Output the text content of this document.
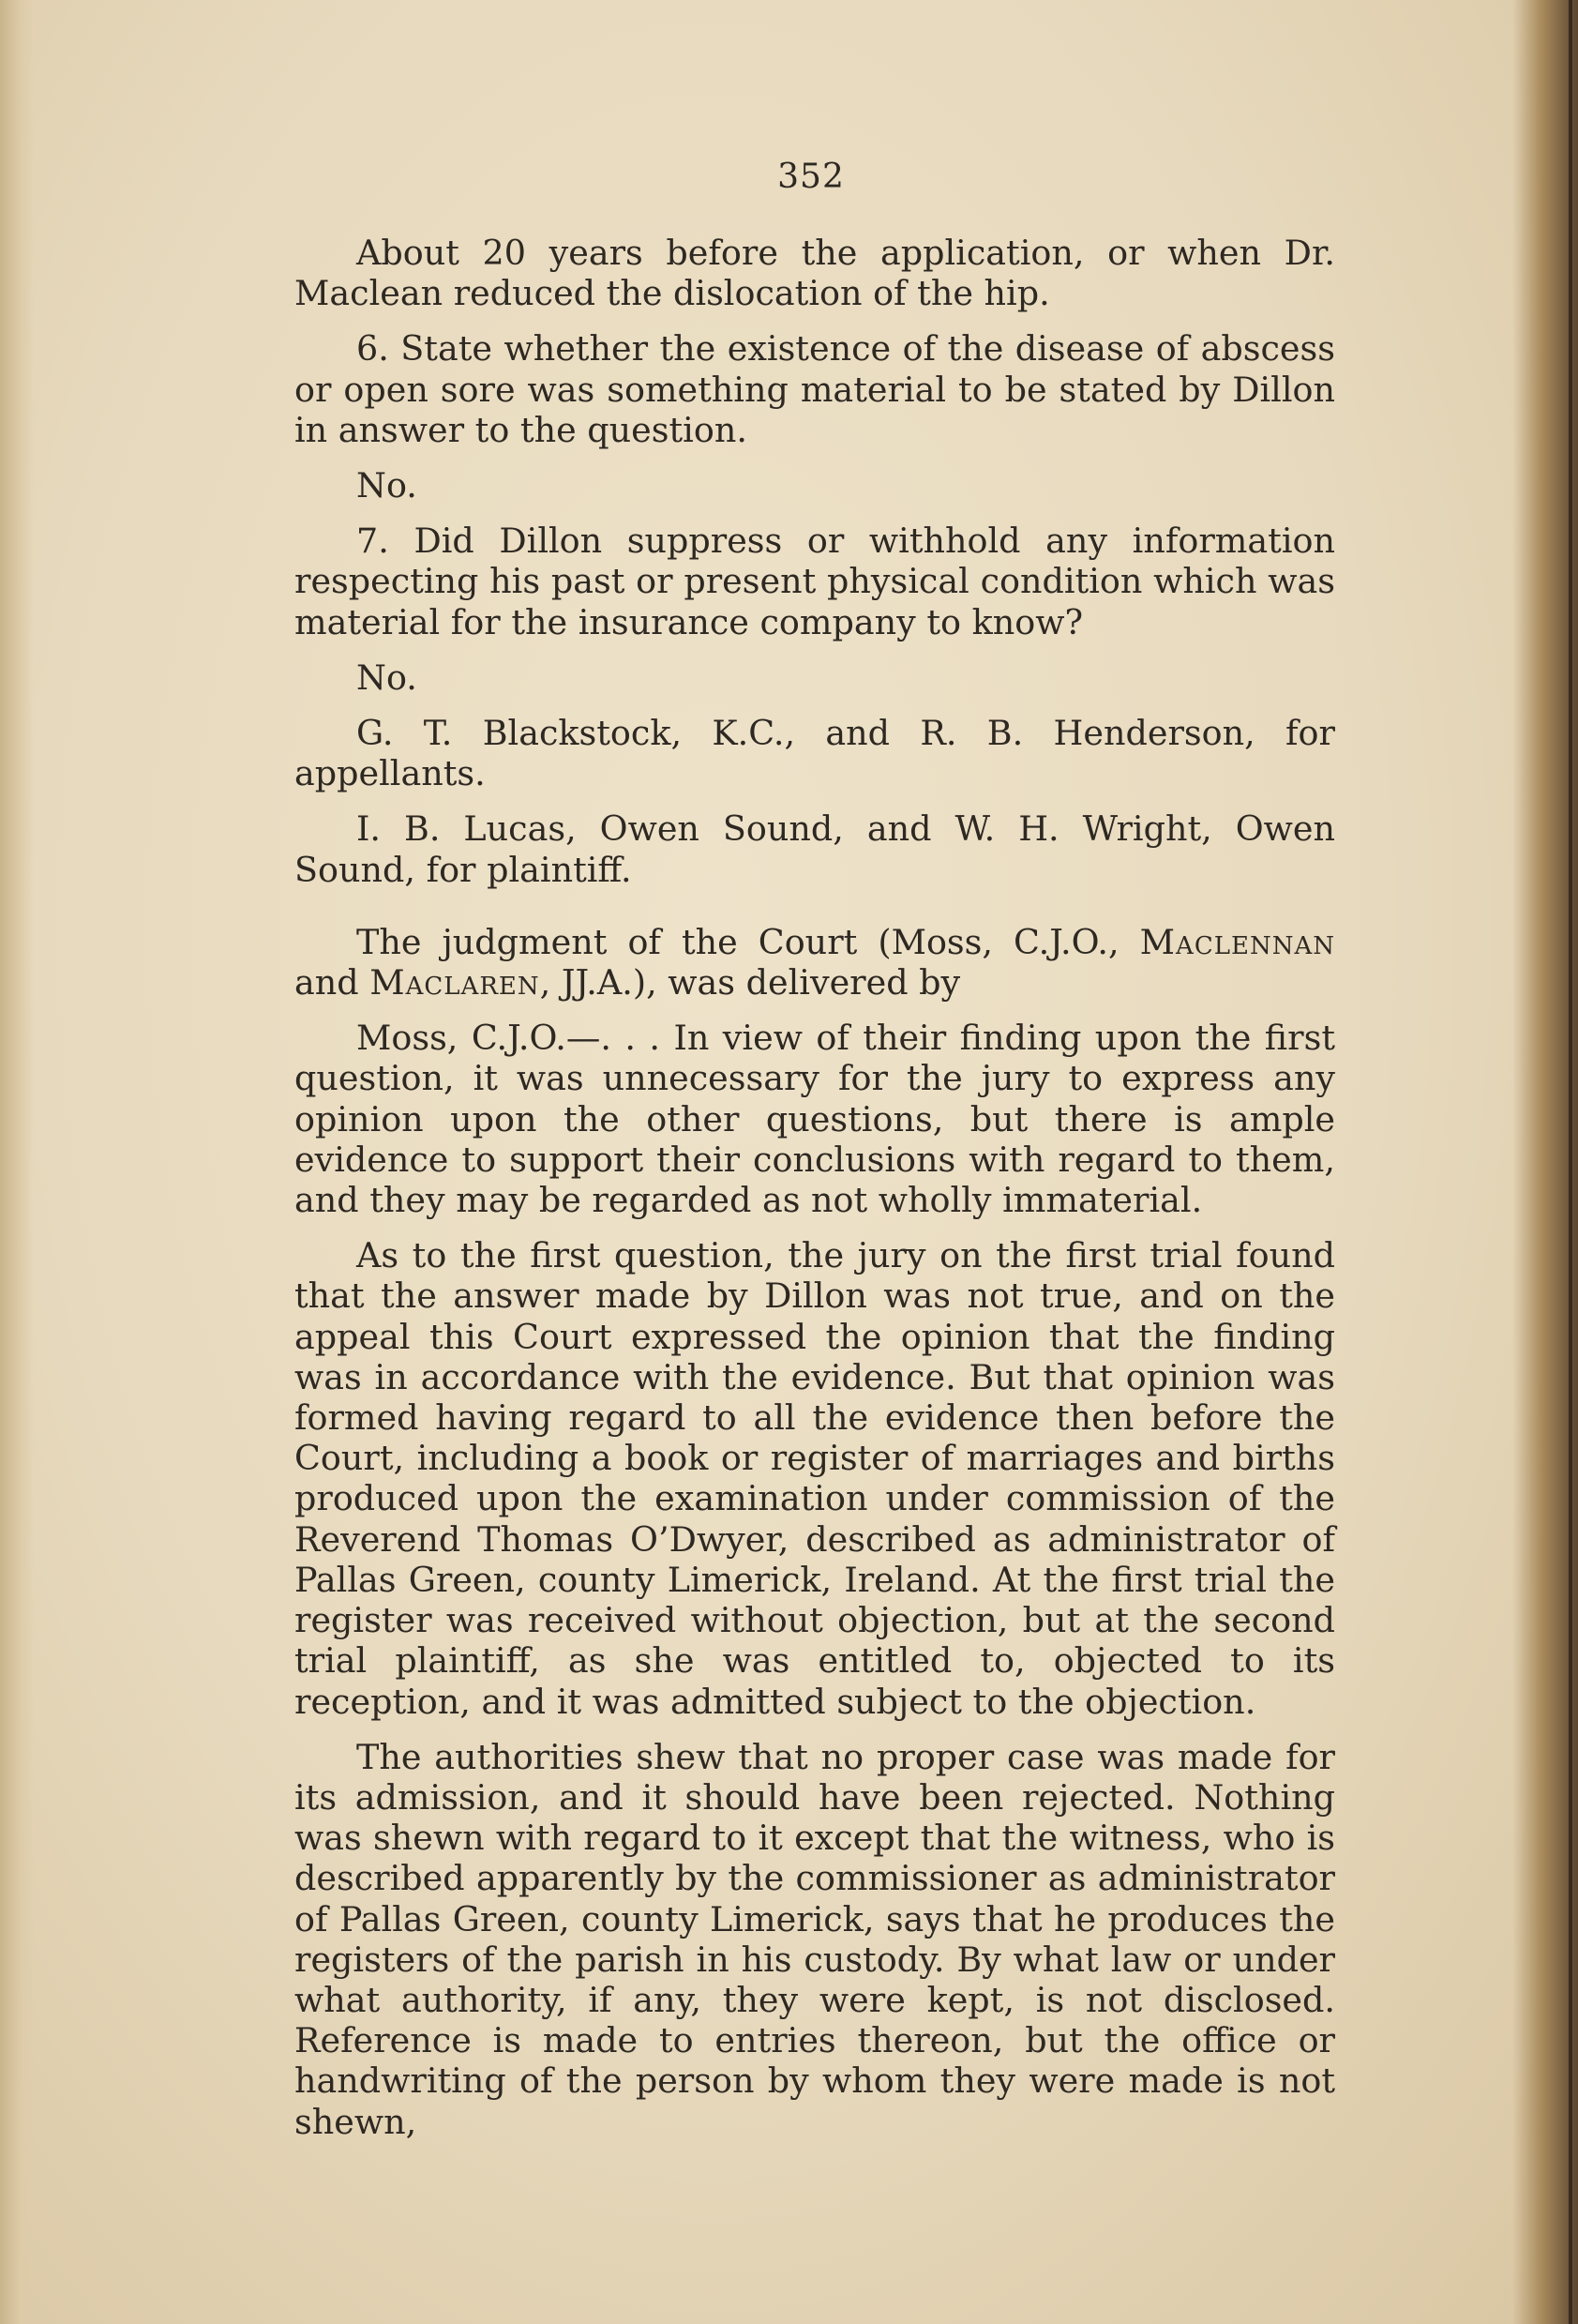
352

About 20 years before the application, or when Dr. Maclean reduced the dislocation of the hip.

6. State whether the existence of the disease of abscess or open sore was something material to be stated by Dillon in answer to the question.

No.

7. Did Dillon suppress or withhold any information respecting his past or present physical condition which was material for the insurance company to know?

No.

G. T. Blackstock, K.C., and R. B. Henderson, for appellants.

I. B. Lucas, Owen Sound, and W. H. Wright, Owen Sound, for plaintiff.

The judgment of the Court (Moss, C.J.O., Maclennan and Maclaren, JJ.A.), was delivered by

Moss, C.J.O.—. . . In view of their finding upon the first question, it was unnecessary for the jury to express any opinion upon the other questions, but there is ample evidence to support their conclusions with regard to them, and they may be regarded as not wholly immaterial.

As to the first question, the jury on the first trial found that the answer made by Dillon was not true, and on the appeal this Court expressed the opinion that the finding was in accordance with the evidence. But that opinion was formed having regard to all the evidence then before the Court, including a book or register of marriages and births produced upon the examination under commission of the Reverend Thomas O’Dwyer, described as administrator of Pallas Green, county Limerick, Ireland. At the first trial the register was received without objection, but at the second trial plaintiff, as she was entitled to, objected to its reception, and it was admitted subject to the objection.

The authorities shew that no proper case was made for its admission, and it should have been rejected. Nothing was shewn with regard to it except that the witness, who is described apparently by the commissioner as administrator of Pallas Green, county Limerick, says that he produces the registers of the parish in his custody. By what law or under what authority, if any, they were kept, is not disclosed. Reference is made to entries thereon, but the office or handwriting of the person by whom they were made is not shewn,
